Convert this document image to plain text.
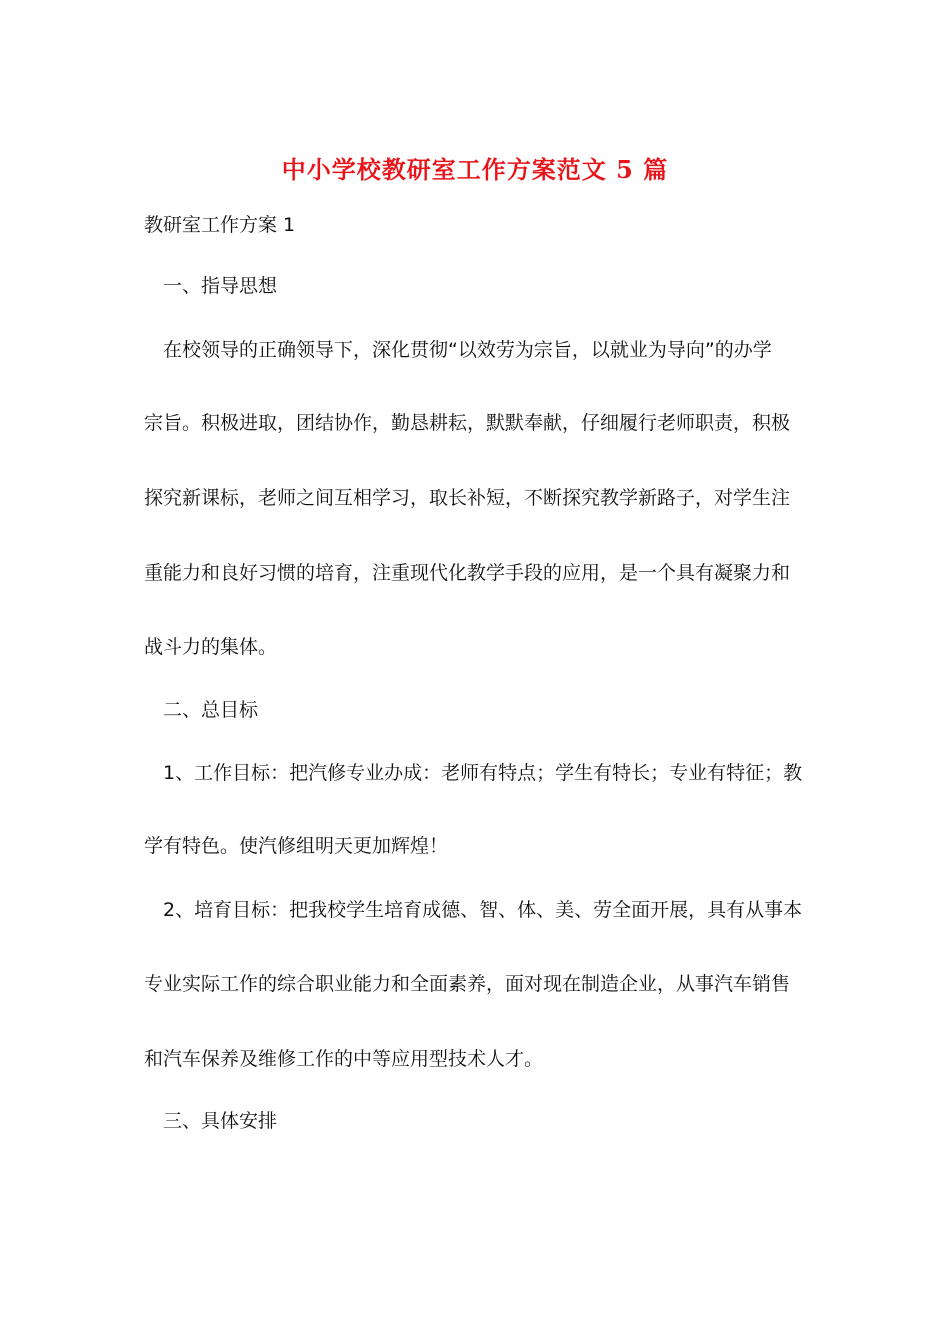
中小学校教研室工作方案范文 5 篇

教研室工作方案 1

一、指导思想

在校领导的正确领导下，深化贯彻“以效劳为宗旨，以就业为导向”的办学

宗旨。积极进取，团结协作，勤恳耕耘，默默奉献，仔细履行老师职责，积极

探究新课标，老师之间互相学习，取长补短，不断探究教学新路子，对学生注

重能力和良好习惯的培育，注重现代化教学手段的应用，是一个具有凝聚力和

战斗力的集体。

二、总目标

1、工作目标：把汽修专业办成：老师有特点；学生有特长；专业有特征；教

学有特色。使汽修组明天更加辉煌！

2、培育目标：把我校学生培育成德、智、体、美、劳全面开展，具有从事本

专业实际工作的综合职业能力和全面素养，面对现在制造企业，从事汽车销售

和汽车保养及维修工作的中等应用型技术人才。

三、具体安排
